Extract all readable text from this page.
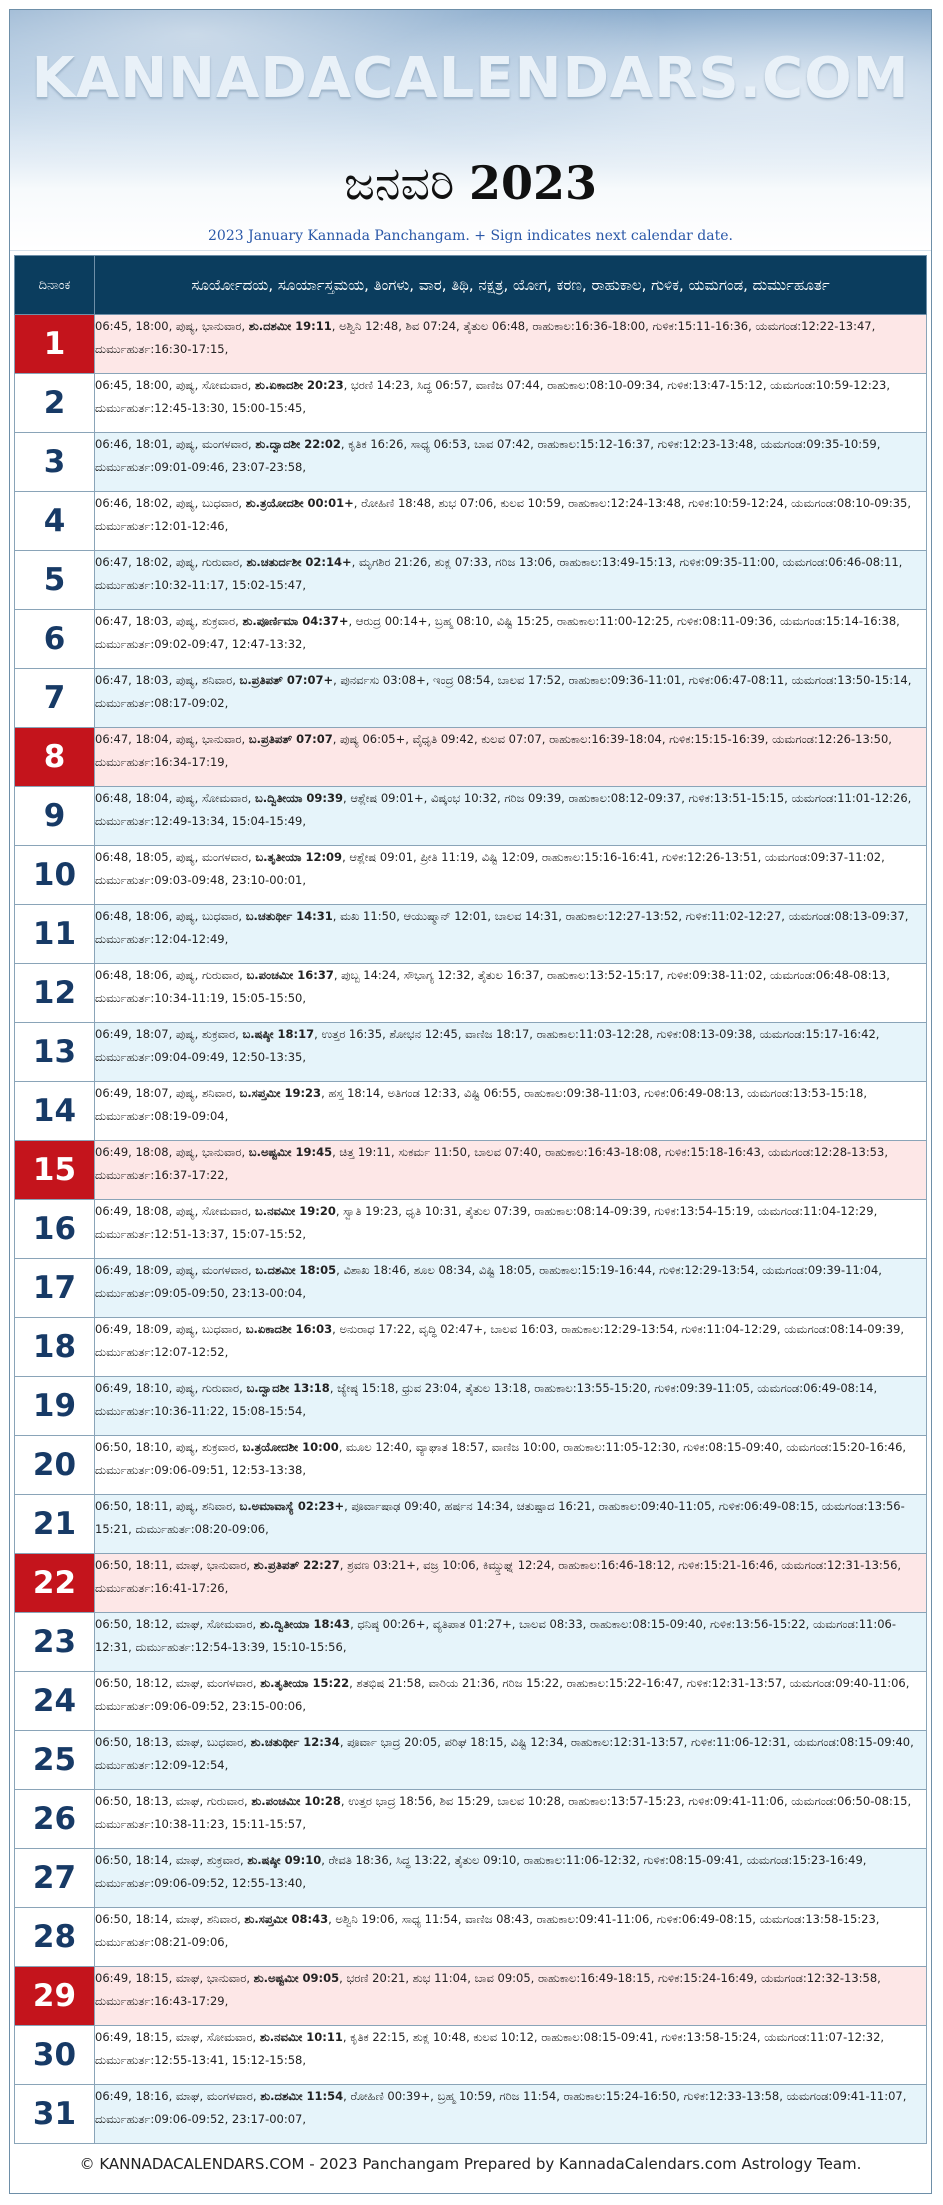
KANNADACALENDARS.COM
ಜನವರಿ 2023
2023 January Kannada Panchangam. + Sign indicates next calendar date.
ದಿನಾಂಕ	ಸೂರ್ಯೋದಯ, ಸೂರ್ಯಾಸ್ತಮಯ, ತಿಂಗಳು, ವಾರ, ತಿಥಿ, ನಕ್ಷತ್ರ, ಯೋಗ, ಕರಣ, ರಾಹುಕಾಲ, ಗುಳಿಕ, ಯಮಗಂಡ, ದುರ್ಮುಹೂರ್ತ
1	06:45, 18:00, ಪುಷ್ಯ, ಭಾನುವಾರ, ಶು.ದಶಮೀ 19:11, ಅಶ್ವಿನಿ 12:48, ಶಿವ 07:24, ತೈತುಲ 06:48, ರಾಹುಕಾಲ:16:36-18:00, ಗುಳಿಕ:15:11-16:36, ಯಮಗಂಡ:12:22-13:47, ದುರ್ಮುಹುರ್ತ:16:30-17:15,
2	06:45, 18:00, ಪುಷ್ಯ, ಸೋಮವಾರ, ಶು.ಏಕಾದಶೀ 20:23, ಭರಣಿ 14:23, ಸಿದ್ಧ 06:57, ವಾಣಿಜ 07:44, ರಾಹುಕಾಲ:08:10-09:34, ಗುಳಿಕ:13:47-15:12, ಯಮಗಂಡ:10:59-12:23, ದುರ್ಮುಹುರ್ತ:12:45-13:30, 15:00-15:45,
3	06:46, 18:01, ಪುಷ್ಯ, ಮಂಗಳವಾರ, ಶು.ದ್ವಾದಶೀ 22:02, ಕೃತಿಕ 16:26, ಸಾಧ್ಯ 06:53, ಬಾವ 07:42, ರಾಹುಕಾಲ:15:12-16:37, ಗುಳಿಕ:12:23-13:48, ಯಮಗಂಡ:09:35-10:59, ದುರ್ಮುಹುರ್ತ:09:01-09:46, 23:07-23:58,
4	06:46, 18:02, ಪುಷ್ಯ, ಬುಧವಾರ, ಶು.ತ್ರಯೋದಶೀ 00:01+, ರೋಹಿಣಿ 18:48, ಶುಭ 07:06, ಕುಲವ 10:59, ರಾಹುಕಾಲ:12:24-13:48, ಗುಳಿಕ:10:59-12:24, ಯಮಗಂಡ:08:10-09:35, ದುರ್ಮುಹುರ್ತ:12:01-12:46,
5	06:47, 18:02, ಪುಷ್ಯ, ಗುರುವಾರ, ಶು.ಚತುರ್ದಶೀ 02:14+, ಮೃಗಶಿರ 21:26, ಶುಕ್ಲ 07:33, ಗರಿಜ 13:06, ರಾಹುಕಾಲ:13:49-15:13, ಗುಳಿಕ:09:35-11:00, ಯಮಗಂಡ:06:46-08:11, ದುರ್ಮುಹುರ್ತ:10:32-11:17, 15:02-15:47,
6	06:47, 18:03, ಪುಷ್ಯ, ಶುಕ್ರವಾರ, ಶು.ಪೂರ್ಣಿಮಾ 04:37+, ಆರುದ್ರ 00:14+, ಬ್ರಹ್ಮ 08:10, ವಿಷ್ಟಿ 15:25, ರಾಹುಕಾಲ:11:00-12:25, ಗುಳಿಕ:08:11-09:36, ಯಮಗಂಡ:15:14-16:38, ದುರ್ಮುಹುರ್ತ:09:02-09:47, 12:47-13:32,
7	06:47, 18:03, ಪುಷ್ಯ, ಶನಿವಾರ, ಬ.ಪ್ರತಿಪತ್ 07:07+, ಪುನರ್ವಸು 03:08+, ಇಂದ್ರ 08:54, ಬಾಲವ 17:52, ರಾಹುಕಾಲ:09:36-11:01, ಗುಳಿಕ:06:47-08:11, ಯಮಗಂಡ:13:50-15:14, ದುರ್ಮುಹುರ್ತ:08:17-09:02,
8	06:47, 18:04, ಪುಷ್ಯ, ಭಾನುವಾರ, ಬ.ಪ್ರತಿಪತ್ 07:07, ಪುಷ್ಯ 06:05+, ವೈಧೃತಿ 09:42, ಕುಲವ 07:07, ರಾಹುಕಾಲ:16:39-18:04, ಗುಳಿಕ:15:15-16:39, ಯಮಗಂಡ:12:26-13:50, ದುರ್ಮುಹುರ್ತ:16:34-17:19,
9	06:48, 18:04, ಪುಷ್ಯ, ಸೋಮವಾರ, ಬ.ದ್ವಿತೀಯಾ 09:39, ಆಶ್ಲೇಷ 09:01+, ವಿಷ್ಕಂಭ 10:32, ಗರಿಜ 09:39, ರಾಹುಕಾಲ:08:12-09:37, ಗುಳಿಕ:13:51-15:15, ಯಮಗಂಡ:11:01-12:26, ದುರ್ಮುಹುರ್ತ:12:49-13:34, 15:04-15:49,
10	06:48, 18:05, ಪುಷ್ಯ, ಮಂಗಳವಾರ, ಬ.ತೃತೀಯಾ 12:09, ಆಶ್ಲೇಷ 09:01, ಪ್ರೀತಿ 11:19, ವಿಷ್ಟಿ 12:09, ರಾಹುಕಾಲ:15:16-16:41, ಗುಳಿಕ:12:26-13:51, ಯಮಗಂಡ:09:37-11:02, ದುರ್ಮುಹುರ್ತ:09:03-09:48, 23:10-00:01,
11	06:48, 18:06, ಪುಷ್ಯ, ಬುಧವಾರ, ಬ.ಚತುರ್ಥೀ 14:31, ಮಖ 11:50, ಆಯುಷ್ಮಾನ್ 12:01, ಬಾಲವ 14:31, ರಾಹುಕಾಲ:12:27-13:52, ಗುಳಿಕ:11:02-12:27, ಯಮಗಂಡ:08:13-09:37, ದುರ್ಮುಹುರ್ತ:12:04-12:49,
12	06:48, 18:06, ಪುಷ್ಯ, ಗುರುವಾರ, ಬ.ಪಂಚಮೀ 16:37, ಪುಬ್ಬ 14:24, ಸೌಭಾಗ್ಯ 12:32, ತೈತುಲ 16:37, ರಾಹುಕಾಲ:13:52-15:17, ಗುಳಿಕ:09:38-11:02, ಯಮಗಂಡ:06:48-08:13, ದುರ್ಮುಹುರ್ತ:10:34-11:19, 15:05-15:50,
13	06:49, 18:07, ಪುಷ್ಯ, ಶುಕ್ರವಾರ, ಬ.ಷಷ್ಠೀ 18:17, ಉತ್ತರ 16:35, ಶೋಭನ 12:45, ವಾಣಿಜ 18:17, ರಾಹುಕಾಲ:11:03-12:28, ಗುಳಿಕ:08:13-09:38, ಯಮಗಂಡ:15:17-16:42, ದುರ್ಮುಹುರ್ತ:09:04-09:49, 12:50-13:35,
14	06:49, 18:07, ಪುಷ್ಯ, ಶನಿವಾರ, ಬ.ಸಪ್ತಮೀ 19:23, ಹಸ್ತ 18:14, ಅತಿಗಂಡ 12:33, ವಿಷ್ಟಿ 06:55, ರಾಹುಕಾಲ:09:38-11:03, ಗುಳಿಕ:06:49-08:13, ಯಮಗಂಡ:13:53-15:18, ದುರ್ಮುಹುರ್ತ:08:19-09:04,
15	06:49, 18:08, ಪುಷ್ಯ, ಭಾನುವಾರ, ಬ.ಅಷ್ಟಮೀ 19:45, ಚಿತ್ತ 19:11, ಸುಕರ್ಮ 11:50, ಬಾಲವ 07:40, ರಾಹುಕಾಲ:16:43-18:08, ಗುಳಿಕ:15:18-16:43, ಯಮಗಂಡ:12:28-13:53, ದುರ್ಮುಹುರ್ತ:16:37-17:22,
16	06:49, 18:08, ಪುಷ್ಯ, ಸೋಮವಾರ, ಬ.ನವಮೀ 19:20, ಸ್ವಾತಿ 19:23, ಧೃತಿ 10:31, ತೈತುಲ 07:39, ರಾಹುಕಾಲ:08:14-09:39, ಗುಳಿಕ:13:54-15:19, ಯಮಗಂಡ:11:04-12:29, ದುರ್ಮುಹುರ್ತ:12:51-13:37, 15:07-15:52,
17	06:49, 18:09, ಪುಷ್ಯ, ಮಂಗಳವಾರ, ಬ.ದಶಮೀ 18:05, ವಿಶಾಖ 18:46, ಶೂಲ 08:34, ವಿಷ್ಟಿ 18:05, ರಾಹುಕಾಲ:15:19-16:44, ಗುಳಿಕ:12:29-13:54, ಯಮಗಂಡ:09:39-11:04, ದುರ್ಮುಹುರ್ತ:09:05-09:50, 23:13-00:04,
18	06:49, 18:09, ಪುಷ್ಯ, ಬುಧವಾರ, ಬ.ಏಕಾದಶೀ 16:03, ಅನುರಾಧ 17:22, ವೃದ್ಧಿ 02:47+, ಬಾಲವ 16:03, ರಾಹುಕಾಲ:12:29-13:54, ಗುಳಿಕ:11:04-12:29, ಯಮಗಂಡ:08:14-09:39, ದುರ್ಮುಹುರ್ತ:12:07-12:52,
19	06:49, 18:10, ಪುಷ್ಯ, ಗುರುವಾರ, ಬ.ದ್ವಾದಶೀ 13:18, ಜ್ಯೇಷ್ಠ 15:18, ಧ್ರುವ 23:04, ತೈತುಲ 13:18, ರಾಹುಕಾಲ:13:55-15:20, ಗುಳಿಕ:09:39-11:05, ಯಮಗಂಡ:06:49-08:14, ದುರ್ಮುಹುರ್ತ:10:36-11:22, 15:08-15:54,
20	06:50, 18:10, ಪುಷ್ಯ, ಶುಕ್ರವಾರ, ಬ.ತ್ರಯೋದಶೀ 10:00, ಮೂಲ 12:40, ವ್ಯಾಘಾತ 18:57, ವಾಣಿಜ 10:00, ರಾಹುಕಾಲ:11:05-12:30, ಗುಳಿಕ:08:15-09:40, ಯಮಗಂಡ:15:20-16:46, ದುರ್ಮುಹುರ್ತ:09:06-09:51, 12:53-13:38,
21	06:50, 18:11, ಪುಷ್ಯ, ಶನಿವಾರ, ಬ.ಅಮಾವಾಸ್ಯೆ 02:23+, ಪೂರ್ವಾಷಾಢ 09:40, ಹರ್ಷನ 14:34, ಚತುಷ್ಪಾದ 16:21, ರಾಹುಕಾಲ:09:40-11:05, ಗುಳಿಕ:06:49-08:15, ಯಮಗಂಡ:13:56-15:21, ದುರ್ಮುಹುರ್ತ:08:20-09:06,
22	06:50, 18:11, ಮಾಘ, ಭಾನುವಾರ, ಶು.ಪ್ರತಿಪತ್ 22:27, ಶ್ರವಣ 03:21+, ವಜ್ರ 10:06, ಕಿಮ್ಸ್ತುಘ್ನ 12:24, ರಾಹುಕಾಲ:16:46-18:12, ಗುಳಿಕ:15:21-16:46, ಯಮಗಂಡ:12:31-13:56, ದುರ್ಮುಹುರ್ತ:16:41-17:26,
23	06:50, 18:12, ಮಾಘ, ಸೋಮವಾರ, ಶು.ದ್ವಿತೀಯಾ 18:43, ಧನಿಷ್ಠ 00:26+, ವ್ಯತಿಪಾತ 01:27+, ಬಾಲವ 08:33, ರಾಹುಕಾಲ:08:15-09:40, ಗುಳಿಕ:13:56-15:22, ಯಮಗಂಡ:11:06-12:31, ದುರ್ಮುಹುರ್ತ:12:54-13:39, 15:10-15:56,
24	06:50, 18:12, ಮಾಘ, ಮಂಗಳವಾರ, ಶು.ತೃತೀಯಾ 15:22, ಶತಭಿಷ 21:58, ವಾರಿಯ 21:36, ಗರಿಜ 15:22, ರಾಹುಕಾಲ:15:22-16:47, ಗುಳಿಕ:12:31-13:57, ಯಮಗಂಡ:09:40-11:06, ದುರ್ಮುಹುರ್ತ:09:06-09:52, 23:15-00:06,
25	06:50, 18:13, ಮಾಘ, ಬುಧವಾರ, ಶು.ಚತುರ್ಥೀ 12:34, ಪೂರ್ವಾ ಭಾದ್ರ 20:05, ಪರಿಘ 18:15, ವಿಷ್ಟಿ 12:34, ರಾಹುಕಾಲ:12:31-13:57, ಗುಳಿಕ:11:06-12:31, ಯಮಗಂಡ:08:15-09:40, ದುರ್ಮುಹುರ್ತ:12:09-12:54,
26	06:50, 18:13, ಮಾಘ, ಗುರುವಾರ, ಶು.ಪಂಚಮೀ 10:28, ಉತ್ತರ ಭಾದ್ರ 18:56, ಶಿವ 15:29, ಬಾಲವ 10:28, ರಾಹುಕಾಲ:13:57-15:23, ಗುಳಿಕ:09:41-11:06, ಯಮಗಂಡ:06:50-08:15, ದುರ್ಮುಹುರ್ತ:10:38-11:23, 15:11-15:57,
27	06:50, 18:14, ಮಾಘ, ಶುಕ್ರವಾರ, ಶು.ಷಷ್ಠೀ 09:10, ರೇವತಿ 18:36, ಸಿದ್ಧ 13:22, ತೈತುಲ 09:10, ರಾಹುಕಾಲ:11:06-12:32, ಗುಳಿಕ:08:15-09:41, ಯಮಗಂಡ:15:23-16:49, ದುರ್ಮುಹುರ್ತ:09:06-09:52, 12:55-13:40,
28	06:50, 18:14, ಮಾಘ, ಶನಿವಾರ, ಶು.ಸಪ್ತಮೀ 08:43, ಅಶ್ವಿನಿ 19:06, ಸಾಧ್ಯ 11:54, ವಾಣಿಜ 08:43, ರಾಹುಕಾಲ:09:41-11:06, ಗುಳಿಕ:06:49-08:15, ಯಮಗಂಡ:13:58-15:23, ದುರ್ಮುಹುರ್ತ:08:21-09:06,
29	06:49, 18:15, ಮಾಘ, ಭಾನುವಾರ, ಶು.ಅಷ್ಟಮೀ 09:05, ಭರಣಿ 20:21, ಶುಭ 11:04, ಬಾವ 09:05, ರಾಹುಕಾಲ:16:49-18:15, ಗುಳಿಕ:15:24-16:49, ಯಮಗಂಡ:12:32-13:58, ದುರ್ಮುಹುರ್ತ:16:43-17:29,
30	06:49, 18:15, ಮಾಘ, ಸೋಮವಾರ, ಶು.ನವಮೀ 10:11, ಕೃತಿಕ 22:15, ಶುಕ್ಲ 10:48, ಕುಲವ 10:12, ರಾಹುಕಾಲ:08:15-09:41, ಗುಳಿಕ:13:58-15:24, ಯಮಗಂಡ:11:07-12:32, ದುರ್ಮುಹುರ್ತ:12:55-13:41, 15:12-15:58,
31	06:49, 18:16, ಮಾಘ, ಮಂಗಳವಾರ, ಶು.ದಶಮೀ 11:54, ರೋಹಿಣಿ 00:39+, ಬ್ರಹ್ಮ 10:59, ಗರಿಜ 11:54, ರಾಹುಕಾಲ:15:24-16:50, ಗುಳಿಕ:12:33-13:58, ಯಮಗಂಡ:09:41-11:07, ದುರ್ಮುಹುರ್ತ:09:06-09:52, 23:17-00:07,
© KANNADACALENDARS.COM - 2023 Panchangam Prepared by KannadaCalendars.com Astrology Team.
